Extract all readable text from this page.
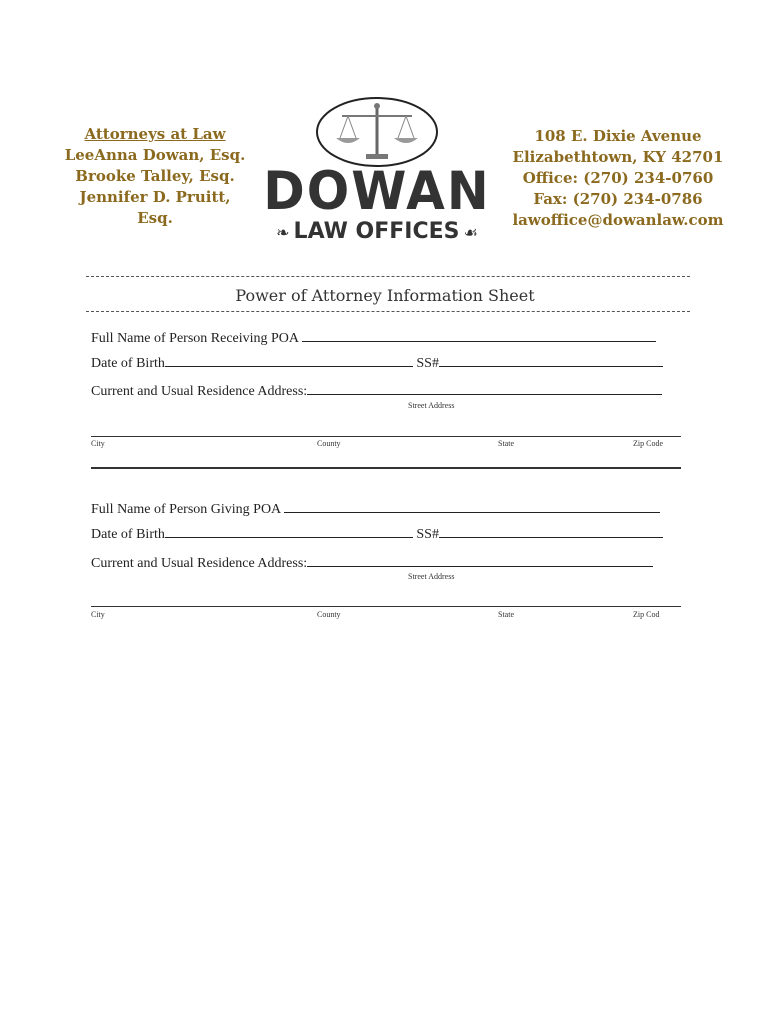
Attorneys at Law
LeeAnna Dowan, Esq.
Brooke Talley, Esq.
Jennifer D. Pruitt, Esq.	DOWAN
❧ LAW OFFICES ☙
108 E. Dixie Avenue
Elizabethtown, KY 42701
Office: (270) 234-0760
Fax: (270) 234-0786
lawoffice@dowanlaw.com
Power of Attorney Information Sheet
Full Name of Person Receiving POA
Date of Birth	SS#
Current and Usual Residence Address:
Street Address
City	County	State	Zip Code
Full Name of Person Giving POA
Date of Birth	SS#
Current and Usual Residence Address:
Street Address
City	County	State	Zip Cod
